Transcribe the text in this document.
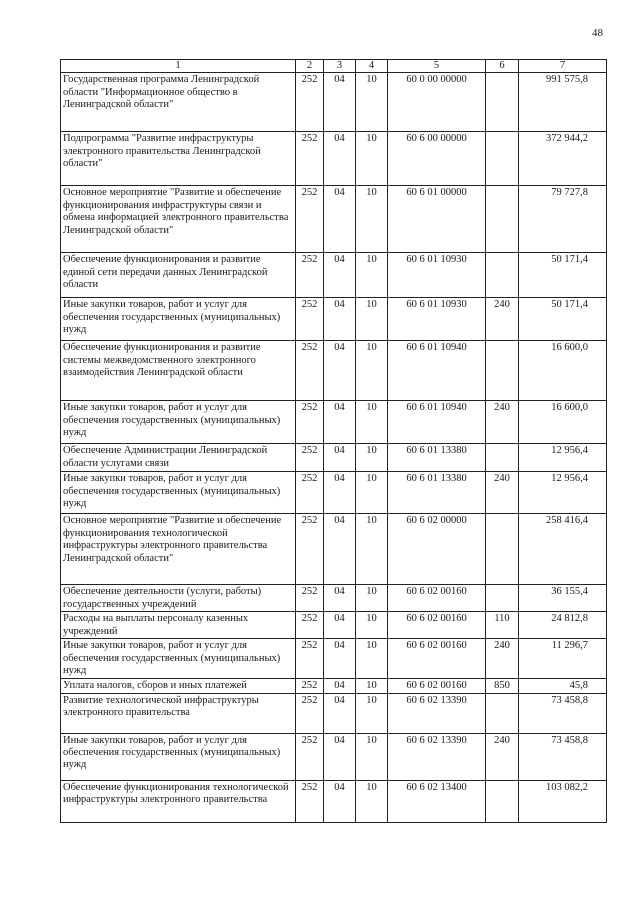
48
1	2	3	4	5	6	7
Государственная программа Ленинградской области "Информационное общество в Ленинградской области"	252	04	10	60 0 00 00000		991 575,8
Подпрограмма "Развитие инфраструктуры электронного правительства Ленинградской области"	252	04	10	60 6 00 00000		372 944,2
Основное мероприятие "Развитие и обеспечение функционирования инфраструктуры связи и обмена информацией электронного правительства Ленинградской области"	252	04	10	60 6 01 00000		79 727,8
Обеспечение функционирования и развитие единой сети передачи данных Ленинградской области	252	04	10	60 6 01 10930		50 171,4
Иные закупки товаров, работ и услуг для обеспечения государственных (муниципальных) нужд	252	04	10	60 6 01 10930	240	50 171,4
Обеспечение функционирования и развитие системы межведомственного электронного взаимодействия Ленинградской области	252	04	10	60 6 01 10940		16 600,0
Иные закупки товаров, работ и услуг для обеспечения государственных (муниципальных) нужд	252	04	10	60 6 01 10940	240	16 600,0
Обеспечение Администрации Ленинградской области услугами связи	252	04	10	60 6 01 13380		12 956,4
Иные закупки товаров, работ и услуг для обеспечения государственных (муниципальных) нужд	252	04	10	60 6 01 13380	240	12 956,4
Основное мероприятие "Развитие и обеспечение функционирования технологической инфраструктуры электронного правительства Ленинградской области"	252	04	10	60 6 02 00000		258 416,4
Обеспечение деятельности (услуги, работы) государственных учреждений	252	04	10	60 6 02 00160		36 155,4
Расходы на выплаты персоналу казенных учреждений	252	04	10	60 6 02 00160	110	24 812,8
Иные закупки товаров, работ и услуг для обеспечения государственных (муниципальных) нужд	252	04	10	60 6 02 00160	240	11 296,7
Уплата налогов, сборов и иных платежей	252	04	10	60 6 02 00160	850	45,8
Развитие технологической инфраструктуры электронного правительства	252	04	10	60 6 02 13390		73 458,8
Иные закупки товаров, работ и услуг для обеспечения государственных (муниципальных) нужд	252	04	10	60 6 02 13390	240	73 458,8
Обеспечение функционирования технологической инфраструктуры электронного правительства	252	04	10	60 6 02 13400		103 082,2
